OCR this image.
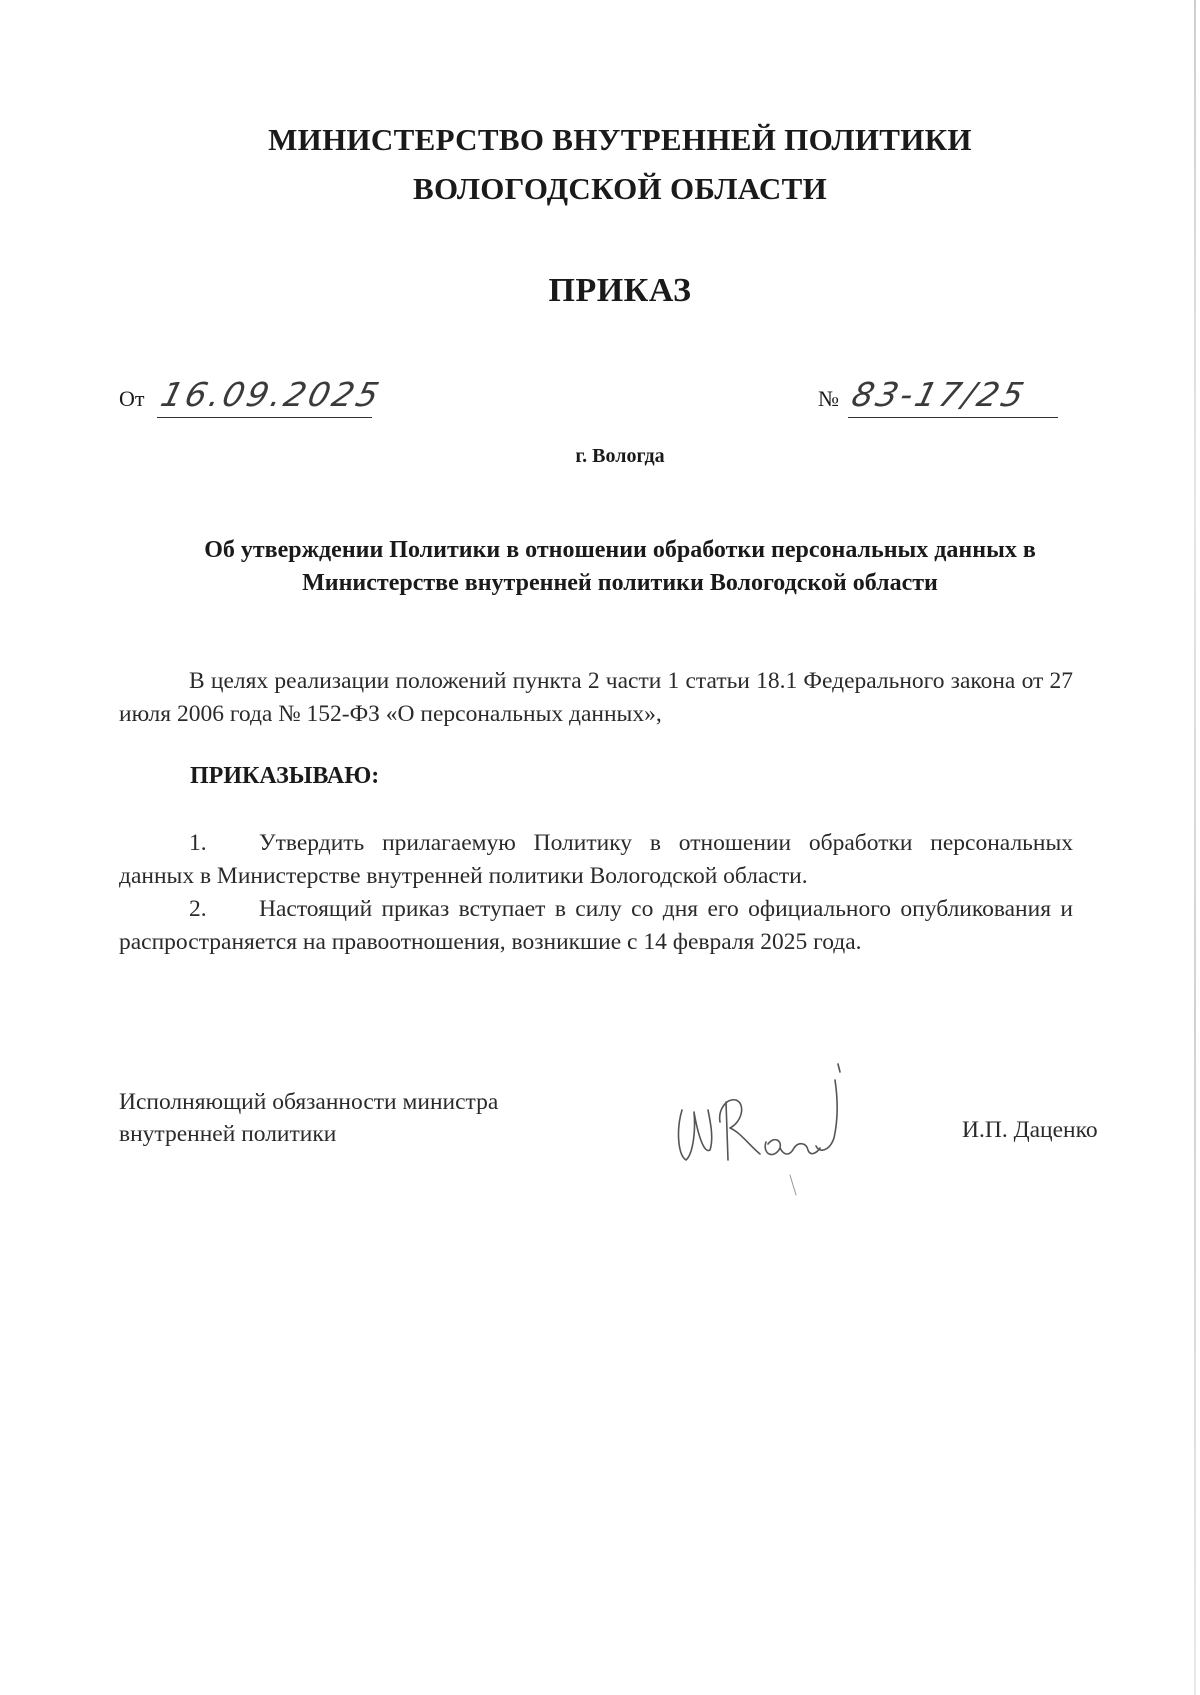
МИНИСТЕРСТВО ВНУТРЕННЕЙ ПОЛИТИКИ
ВОЛОГОДСКОЙ ОБЛАСТИ
ПРИКАЗ
От 16.09.2025	№ 83-17/25
г. Вологда
Об утверждении Политики в отношении обработки персональных данных в
Министерстве внутренней политики Вологодской области
В целях реализации положений пункта 2 части 1 статьи 18.1 Федерального закона от 27 июля 2006 года № 152-ФЗ «О персональных данных»,
ПРИКАЗЫВАЮ:
1. Утвердить прилагаемую Политику в отношении обработки персональных данных в Министерстве внутренней политики Вологодской области.
2. Настоящий приказ вступает в силу со дня его официального опубликования и распространяется на правоотношения, возникшие с 14 февраля 2025 года.
Исполняющий обязанности министра
внутренней политики	И.П. Даценко
